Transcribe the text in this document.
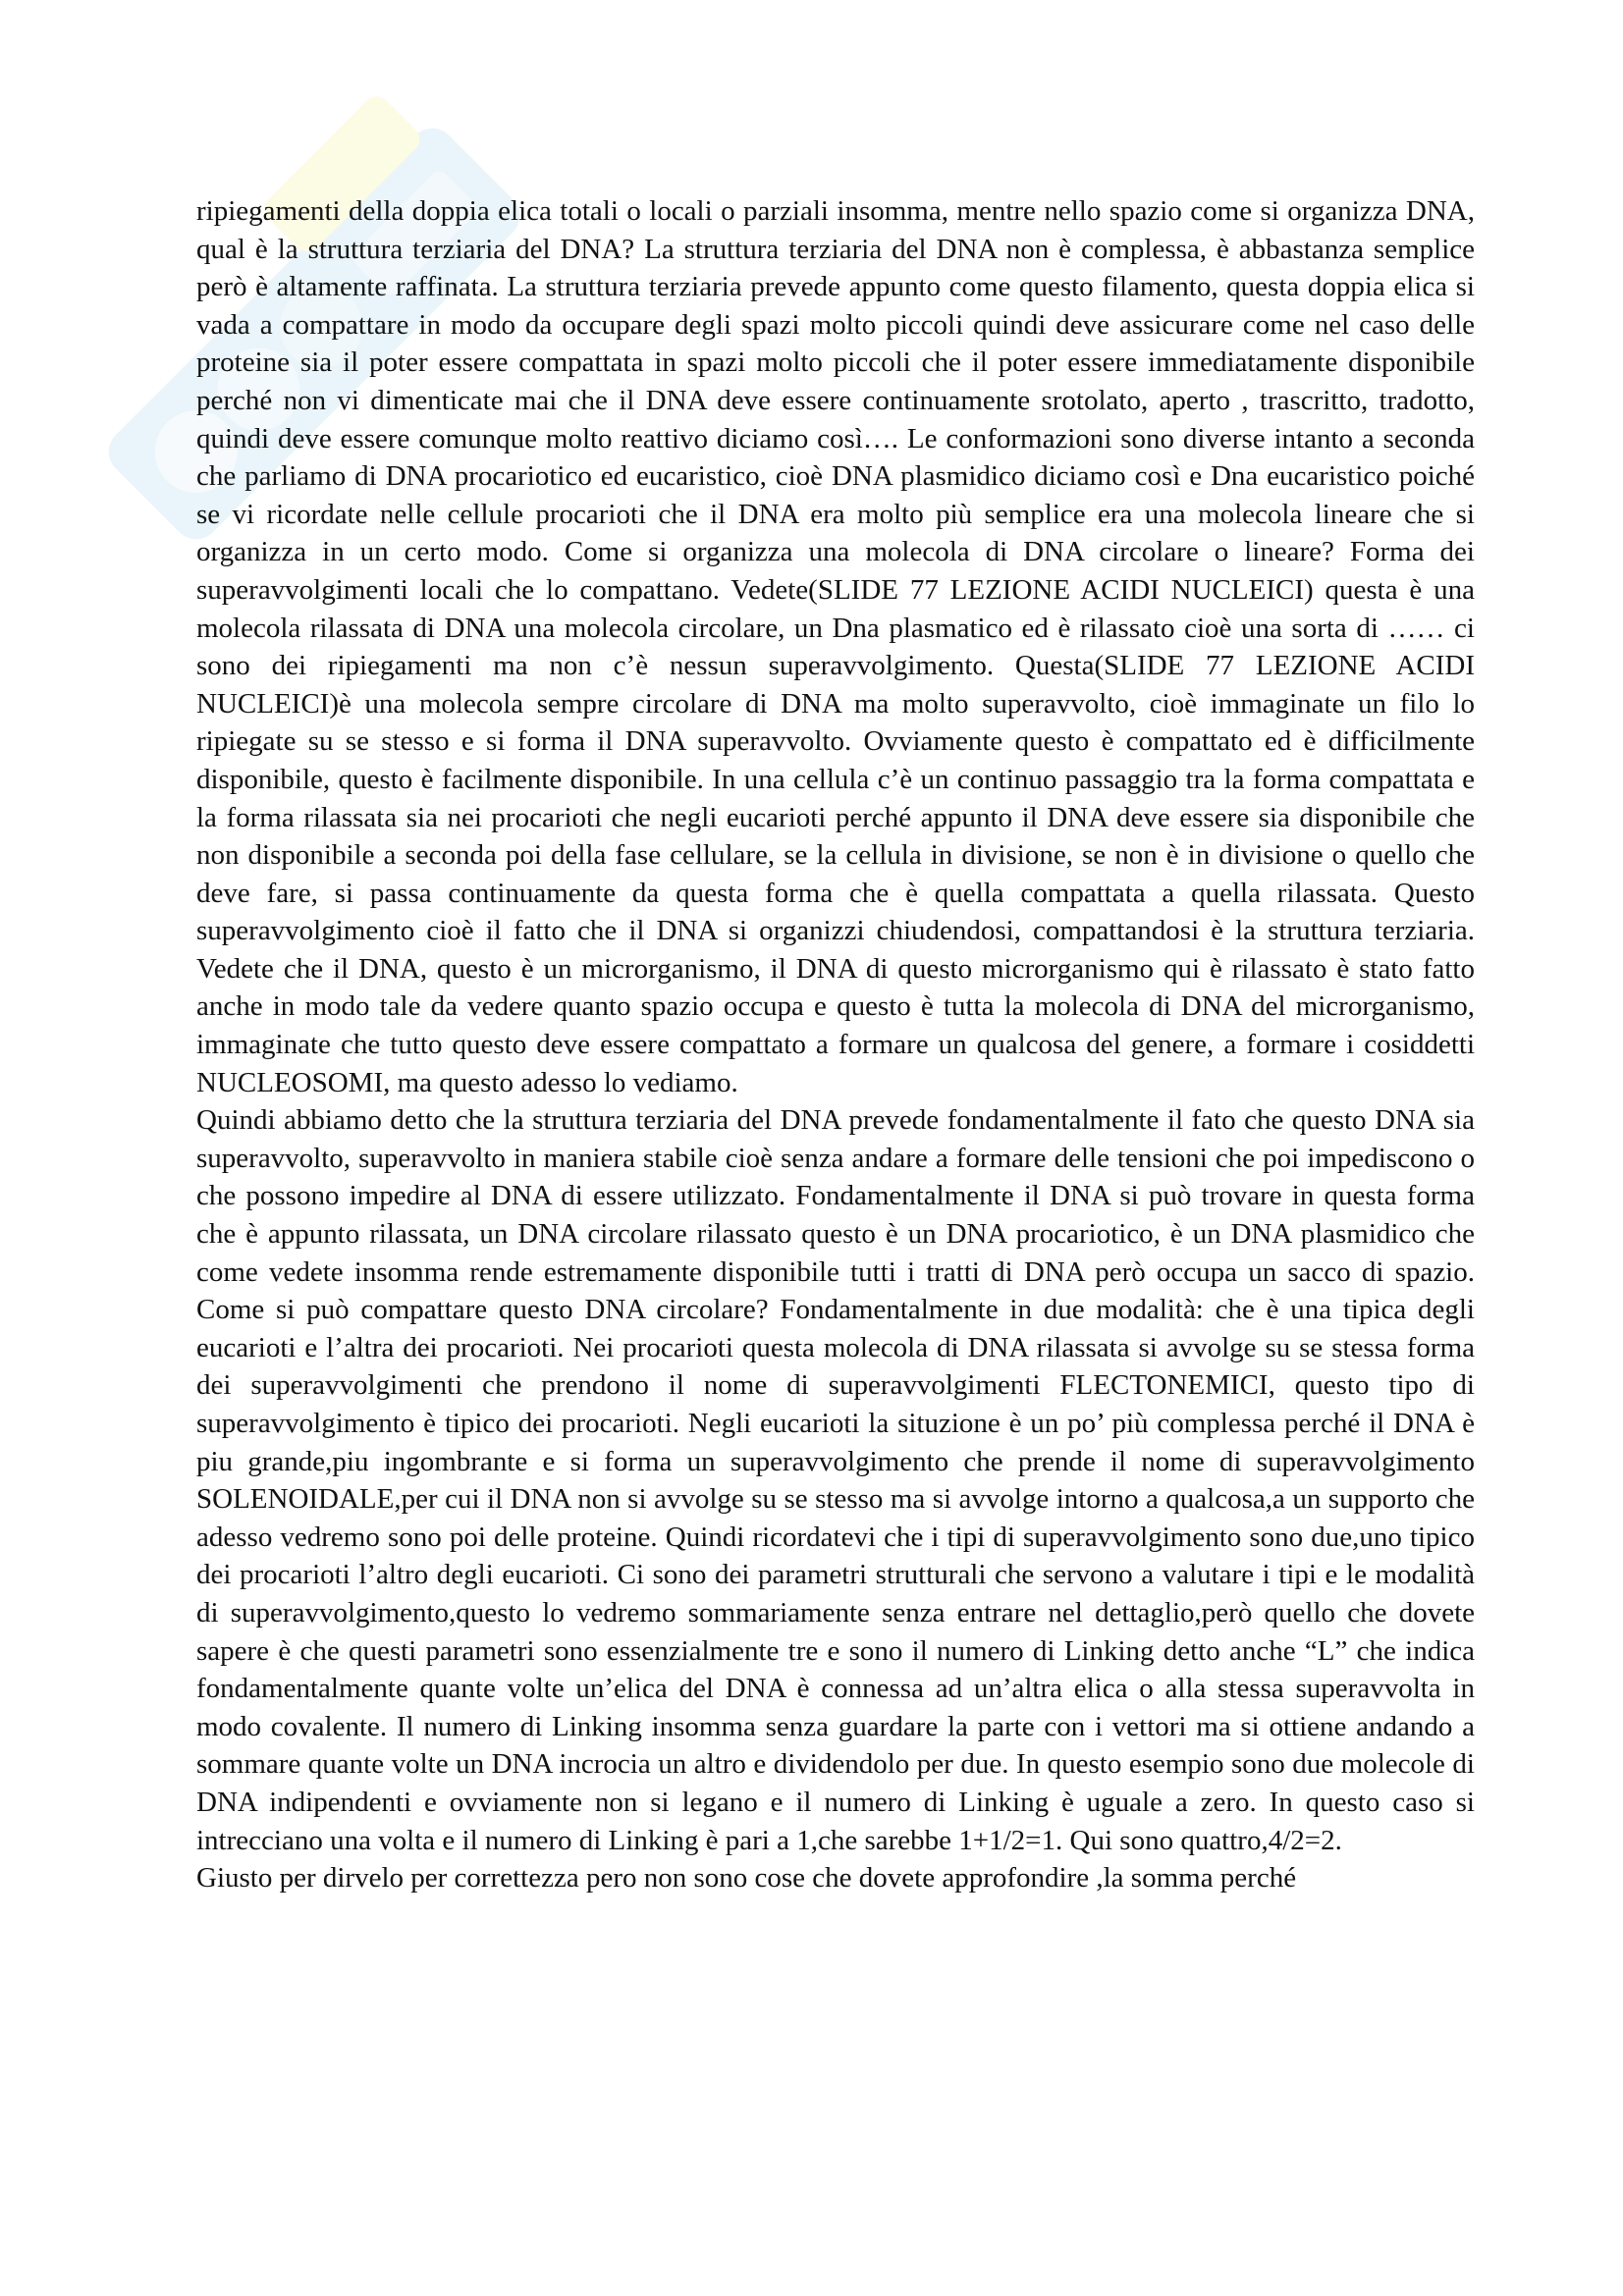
ripiegamenti della doppia elica totali o locali o parziali insomma, mentre nello spazio come si organizza DNA, qual è la struttura terziaria del DNA? La struttura terziaria del DNA non è complessa, è abbastanza semplice però è altamente raffinata. La struttura terziaria prevede appunto come questo filamento, questa doppia elica si vada a compattare in modo da occupare degli spazi molto piccoli quindi deve assicurare come nel caso delle proteine sia il poter essere compattata in spazi molto piccoli che il poter essere immediatamente disponibile perché non vi dimenticate mai che il DNA deve essere continuamente srotolato, aperto , trascritto, tradotto, quindi deve essere comunque molto reattivo diciamo così…. Le conformazioni sono diverse intanto a seconda che parliamo di DNA procariotico ed eucaristico, cioè DNA plasmidico diciamo così e Dna eucaristico poiché se vi ricordate nelle cellule procarioti che il DNA era molto più semplice era una molecola lineare che si organizza in un certo modo. Come si organizza una molecola di DNA circolare o lineare? Forma dei superavvolgimenti locali che lo compattano. Vedete(SLIDE 77 LEZIONE ACIDI NUCLEICI) questa è una molecola rilassata di DNA una molecola circolare, un Dna plasmatico ed è rilassato cioè una sorta di …… ci sono dei ripiegamenti ma non c’è nessun superavvolgimento. Questa(SLIDE 77 LEZIONE ACIDI NUCLEICI)è una molecola sempre circolare di DNA ma molto superavvolto, cioè immaginate un filo lo ripiegate su se stesso e si forma il DNA superavvolto. Ovviamente questo è compattato ed è difficilmente disponibile, questo è facilmente disponibile. In una cellula c’è un continuo passaggio tra la forma compattata e la forma rilassata sia nei procarioti che negli eucarioti perché appunto il DNA deve essere sia disponibile che non disponibile a seconda poi della fase cellulare, se la cellula in divisione, se non è in divisione o quello che deve fare, si passa continuamente da questa forma che è quella compattata a quella rilassata. Questo superavvolgimento cioè il fatto che il DNA si organizzi chiudendosi, compattandosi è la struttura terziaria. Vedete che il DNA, questo è un microrganismo, il DNA di questo microrganismo qui è rilassato è stato fatto anche in modo tale da vedere quanto spazio occupa e questo è tutta la molecola di DNA del microrganismo, immaginate che tutto questo deve essere compattato a formare un qualcosa del genere, a formare i cosiddetti NUCLEOSOMI, ma questo adesso lo vediamo.

Quindi abbiamo detto che la struttura terziaria del DNA prevede fondamentalmente il fato che questo DNA sia superavvolto, superavvolto in maniera stabile cioè senza andare a formare delle tensioni che poi impediscono o che possono impedire al DNA di essere utilizzato. Fondamentalmente il DNA si può trovare in questa forma che è appunto rilassata, un DNA circolare rilassato questo è un DNA procariotico, è un DNA plasmidico che come vedete insomma rende estremamente disponibile tutti i tratti di DNA però occupa un sacco di spazio. Come si può compattare questo DNA circolare? Fondamentalmente in due modalità: che è una tipica degli eucarioti e l’altra dei procarioti. Nei procarioti questa molecola di DNA rilassata si avvolge su se stessa forma dei superavvolgimenti che prendono il nome di superavvolgimenti FLECTONEMICI, questo tipo di superavvolgimento è tipico dei procarioti. Negli eucarioti la situzione è un po’ più complessa perché il DNA è piu grande,piu ingombrante e si forma un superavvolgimento che prende il nome di superavvolgimento SOLENOIDALE,per cui il DNA non si avvolge su se stesso ma si avvolge intorno a qualcosa,a un supporto che adesso vedremo sono poi delle proteine. Quindi ricordatevi che i tipi di superavvolgimento sono due,uno tipico dei procarioti l’altro degli eucarioti. Ci sono dei parametri strutturali che servono a valutare i tipi e le modalità di superavvolgimento,questo lo vedremo sommariamente senza entrare nel dettaglio,però quello che dovete sapere è che questi parametri sono essenzialmente tre e sono il numero di Linking detto anche “L” che indica fondamentalmente quante volte un’elica del DNA è connessa ad un’altra elica o alla stessa superavvolta in modo covalente. Il numero di Linking insomma senza guardare la parte con i vettori ma si ottiene andando a sommare quante volte un DNA incrocia un altro e dividendolo per due. In questo esempio sono due molecole di DNA indipendenti e ovviamente non si legano e il numero di Linking è uguale a zero. In questo caso si intrecciano una volta e il numero di Linking è pari a 1,che sarebbe 1+1/2=1. Qui sono quattro,4/2=2.

Giusto per dirvelo per correttezza pero non sono cose che dovete approfondire ,la somma perché
